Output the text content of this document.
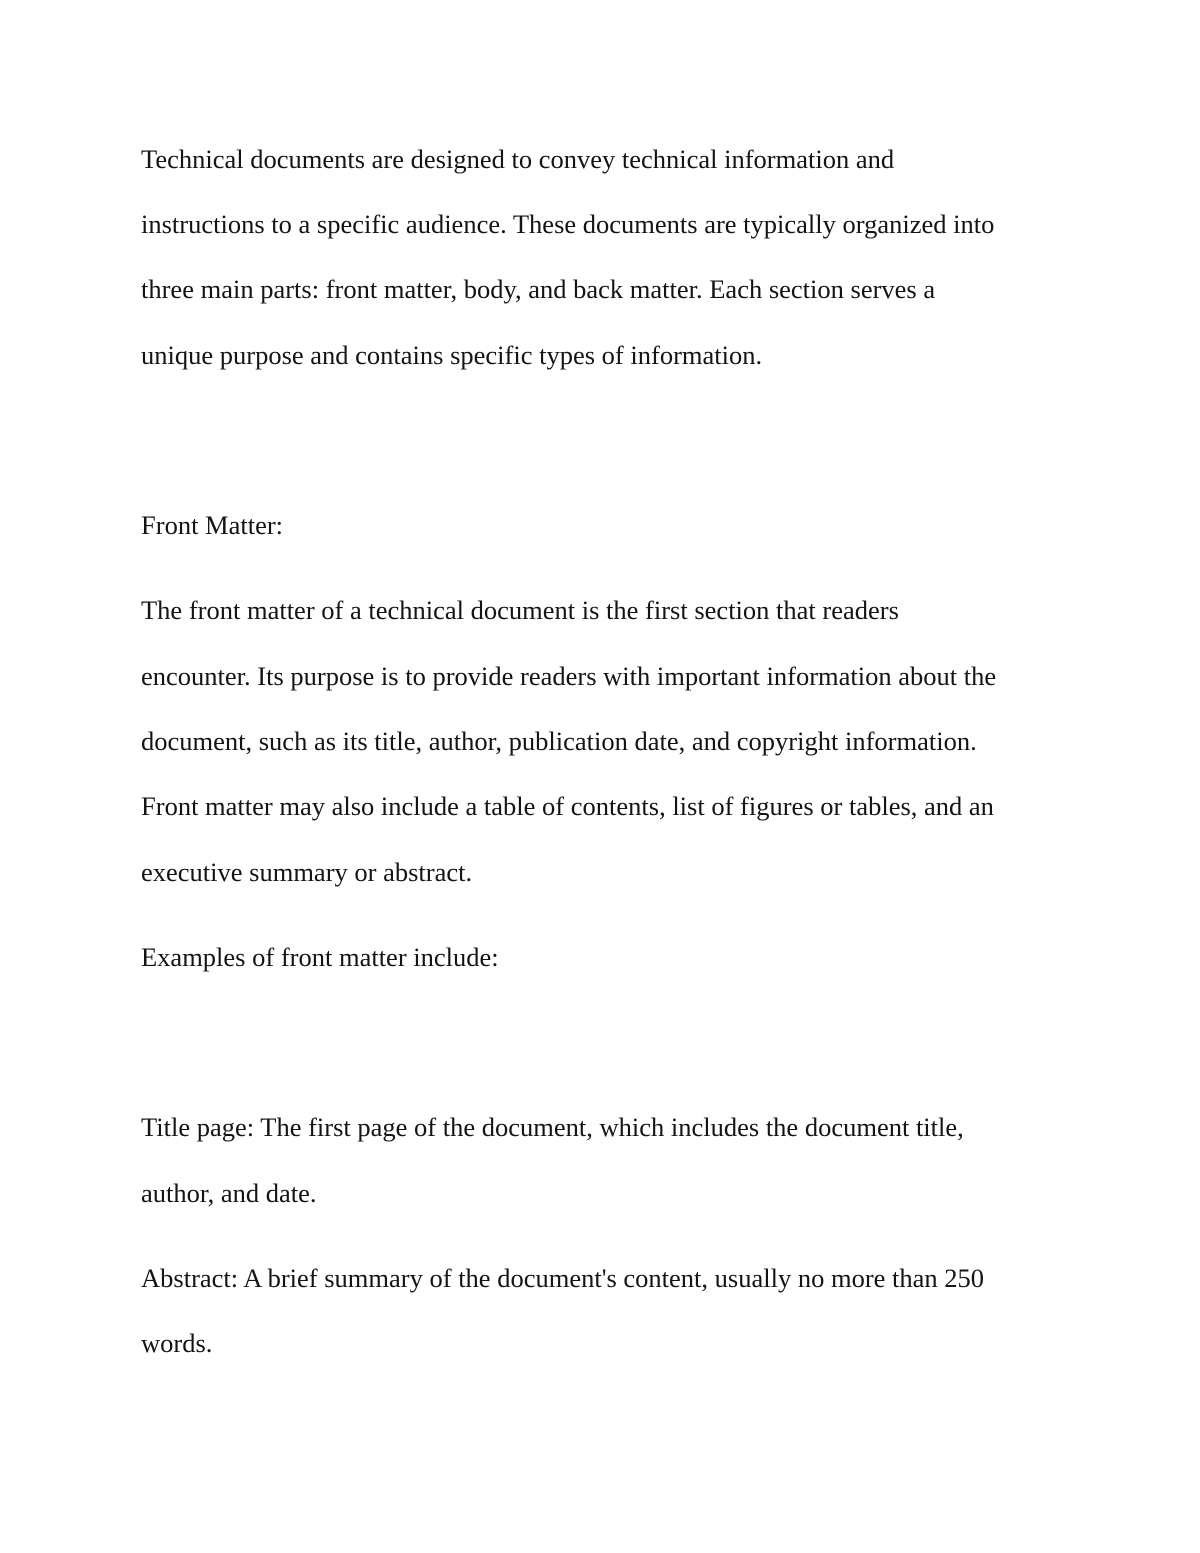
Technical documents are designed to convey technical information and

instructions to a specific audience. These documents are typically organized into

three main parts: front matter, body, and back matter. Each section serves a

unique purpose and contains specific types of information.

Front Matter:

The front matter of a technical document is the first section that readers

encounter. Its purpose is to provide readers with important information about the

document, such as its title, author, publication date, and copyright information.

Front matter may also include a table of contents, list of figures or tables, and an

executive summary or abstract.

Examples of front matter include:

Title page: The first page of the document, which includes the document title,

author, and date.

Abstract: A brief summary of the document's content, usually no more than 250

words.
